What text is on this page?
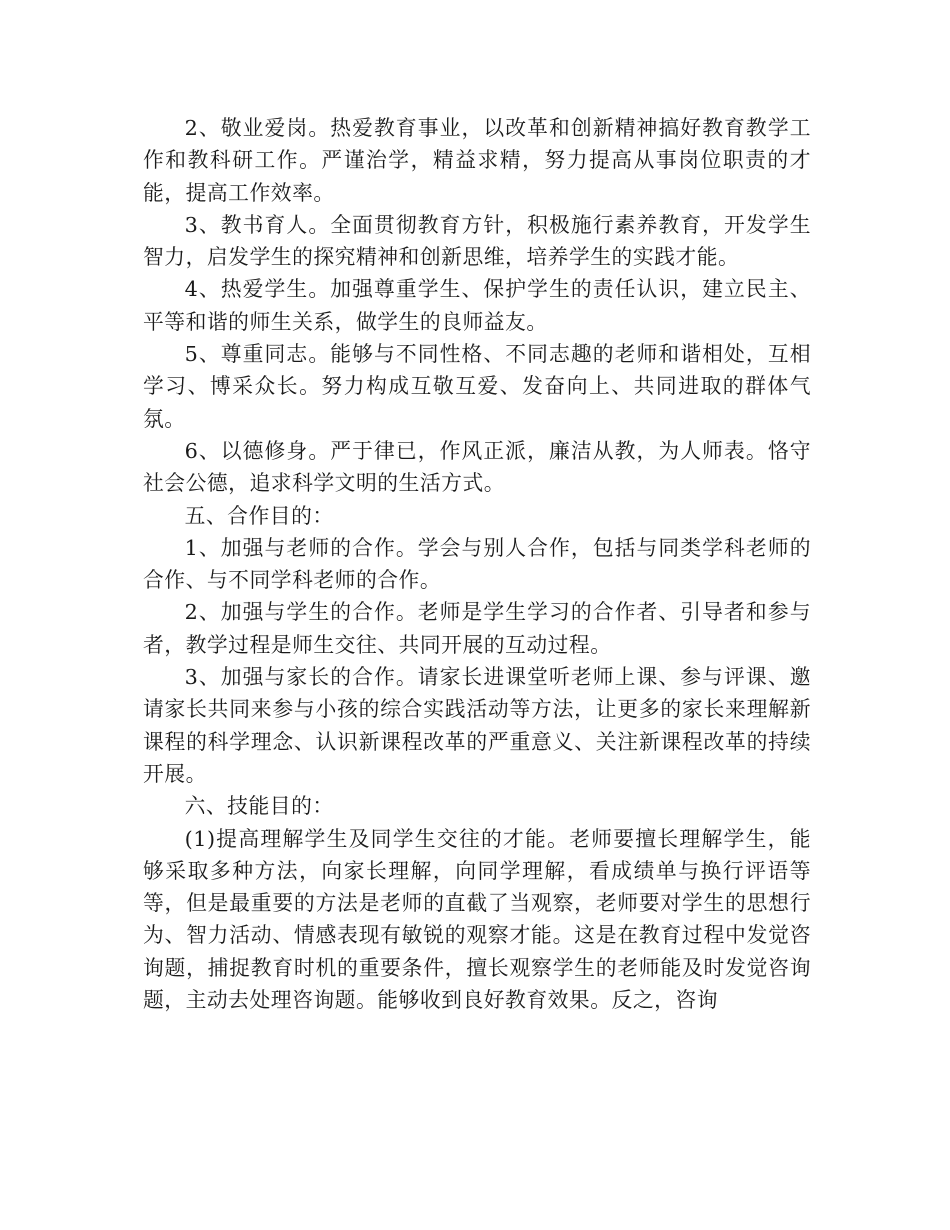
2、敬业爱岗。热爱教育事业，以改革和创新精神搞好教育教学工作和教科研工作。严谨治学，精益求精，努力提高从事岗位职责的才能，提高工作效率。

3、教书育人。全面贯彻教育方针，积极施行素养教育，开发学生智力，启发学生的探究精神和创新思维，培养学生的实践才能。

4、热爱学生。加强尊重学生、保护学生的责任认识，建立民主、平等和谐的师生关系，做学生的良师益友。

5、尊重同志。能够与不同性格、不同志趣的老师和谐相处，互相学习、博采众长。努力构成互敬互爱、发奋向上、共同进取的群体气氛。

6、以德修身。严于律已，作风正派，廉洁从教，为人师表。恪守社会公德，追求科学文明的生活方式。

五、合作目的：

1、加强与老师的合作。学会与别人合作，包括与同类学科老师的合作、与不同学科老师的合作。

2、加强与学生的合作。老师是学生学习的合作者、引导者和参与者，教学过程是师生交往、共同开展的互动过程。

3、加强与家长的合作。请家长进课堂听老师上课、参与评课、邀请家长共同来参与小孩的综合实践活动等方法，让更多的家长来理解新课程的科学理念、认识新课程改革的严重意义、关注新课程改革的持续开展。

六、技能目的：

(1)提高理解学生及同学生交往的才能。老师要擅长理解学生，能够采取多种方法，向家长理解，向同学理解，看成绩单与换行评语等等，但是最重要的方法是老师的直截了当观察，老师要对学生的思想行为、智力活动、情感表现有敏锐的观察才能。这是在教育过程中发觉咨询题，捕捉教育时机的重要条件，擅长观察学生的老师能及时发觉咨询题，主动去处理咨询题。能够收到良好教育效果。反之，咨询
